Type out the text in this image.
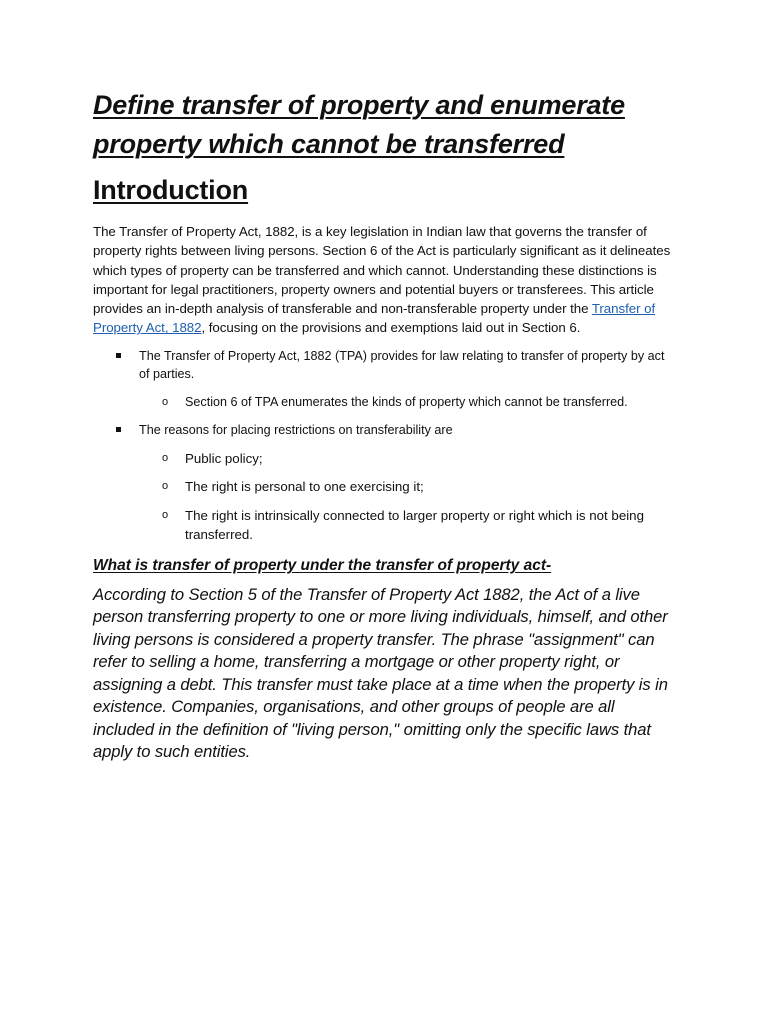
Define transfer of property and enumerate property which cannot be transferred
Introduction

The Transfer of Property Act, 1882, is a key legislation in Indian law that governs the transfer of property rights between living persons. Section 6 of the Act is particularly significant as it delineates which types of property can be transferred and which cannot. Understanding these distinctions is important for legal practitioners, property owners and potential buyers or transferees. This article provides an in-depth analysis of transferable and non-transferable property under the Transfer of Property Act, 1882, focusing on the provisions and exemptions laid out in Section 6.

The Transfer of Property Act, 1882 (TPA) provides for law relating to transfer of property by act of parties.
o Section 6 of TPA enumerates the kinds of property which cannot be transferred.
The reasons for placing restrictions on transferability are
o Public policy;
o The right is personal to one exercising it;
o The right is intrinsically connected to larger property or right which is not being transferred.
What is transfer of property under the transfer of property act-

According to Section 5 of the Transfer of Property Act 1882, the Act of a live person transferring property to one or more living individuals, himself, and other living persons is considered a property transfer. The phrase "assignment" can refer to selling a home, transferring a mortgage or other property right, or assigning a debt. This transfer must take place at a time when the property is in existence. Companies, organisations, and other groups of people are all included in the definition of "living person," omitting only the specific laws that apply to such entities.
